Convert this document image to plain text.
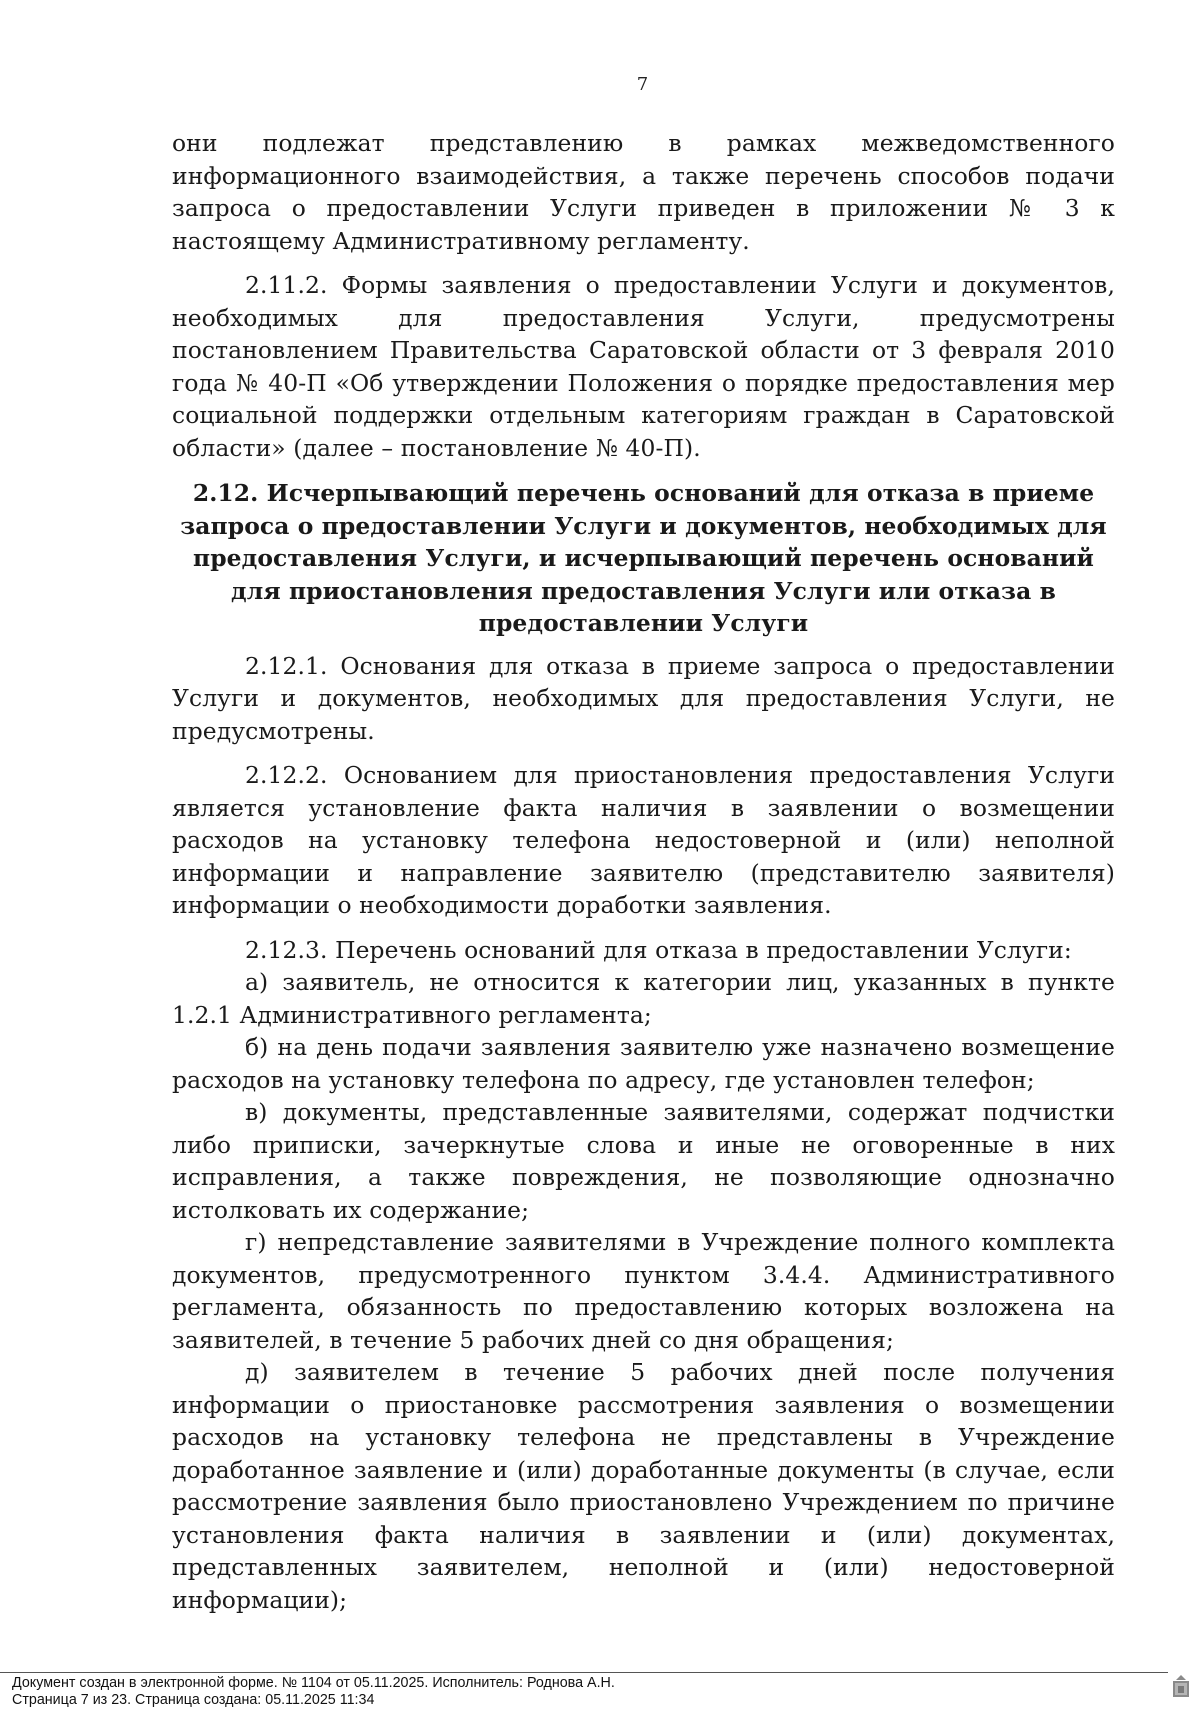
7

они подлежат представлению в рамках межведомственного информационного взаимодействия, а также перечень способов подачи запроса о предоставлении Услуги приведен в приложении № 3 к настоящему Административному регламенту.

2.11.2. Формы заявления о предоставлении Услуги и документов, необходимых для предоставления Услуги, предусмотрены постановлением Правительства Саратовской области от 3 февраля 2010 года № 40-П «Об утверждении Положения о порядке предоставления мер социальной поддержки отдельным категориям граждан в Саратовской области» (далее – постановление № 40-П).

2.12. Исчерпывающий перечень оснований для отказа в приеме запроса о предоставлении Услуги и документов, необходимых для предоставления Услуги, и исчерпывающий перечень оснований для приостановления предоставления Услуги или отказа в предоставлении Услуги

2.12.1. Основания для отказа в приеме запроса о предоставлении Услуги и документов, необходимых для предоставления Услуги, не предусмотрены.

2.12.2. Основанием для приостановления предоставления Услуги является установление факта наличия в заявлении о возмещении расходов на установку телефона недостоверной и (или) неполной информации и направление заявителю (представителю заявителя) информации о необходимости доработки заявления.

2.12.3. Перечень оснований для отказа в предоставлении Услуги:

а) заявитель, не относится к категории лиц, указанных в пункте 1.2.1 Административного регламента;

б) на день подачи заявления заявителю уже назначено возмещение расходов на установку телефона по адресу, где установлен телефон;

в) документы, представленные заявителями, содержат подчистки либо приписки, зачеркнутые слова и иные не оговоренные в них исправления, а также повреждения, не позволяющие однозначно истолковать их содержание;

г) непредставление заявителями в Учреждение полного комплекта документов, предусмотренного пунктом 3.4.4. Административного регламента, обязанность по предоставлению которых возложена на заявителей, в течение 5 рабочих дней со дня обращения;

д) заявителем в течение 5 рабочих дней после получения информации о приостановке рассмотрения заявления о возмещении расходов на установку телефона не представлены в Учреждение доработанное заявление и (или) доработанные документы (в случае, если рассмотрение заявления было приостановлено Учреждением по причине установления факта наличия в заявлении и (или) документах, представленных заявителем, неполной и (или) недостоверной информации);

Документ создан в электронной форме. № 1104 от 05.11.2025. Исполнитель: Роднова А.Н.
Страница 7 из 23. Страница создана: 05.11.2025 11:34
